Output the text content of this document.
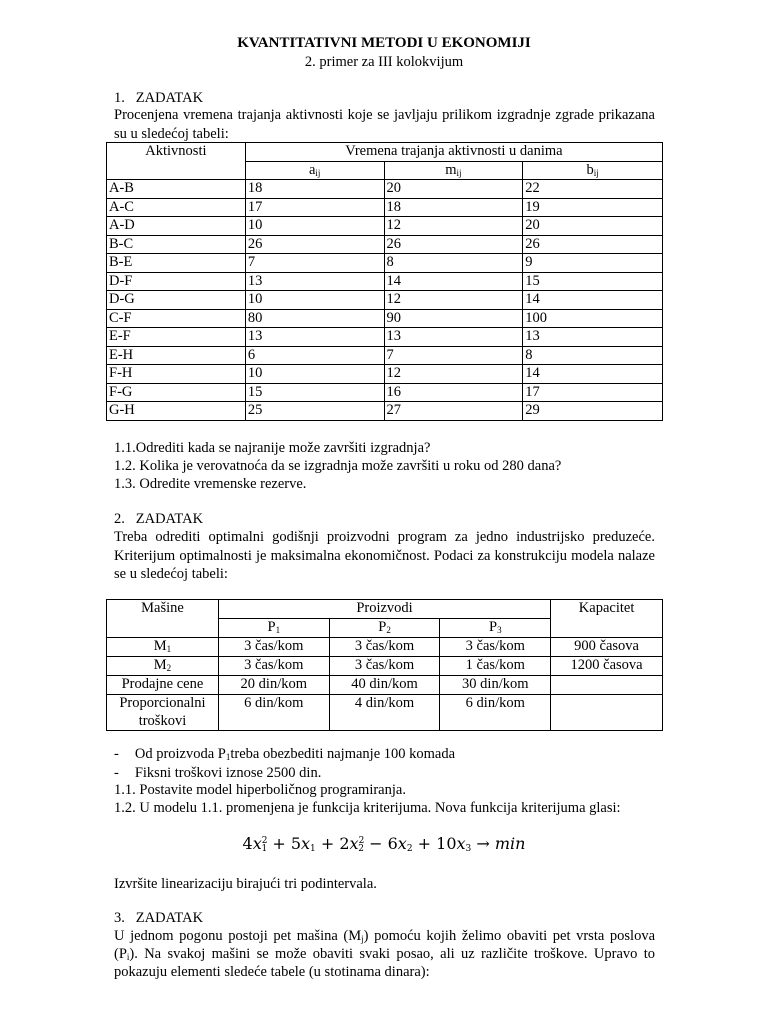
KVANTITATIVNI METODI U EKONOMIJI
2. primer za III kolokvijum
1.   ZADATAK
Procenjena vremena trajanja aktivnosti koje se javljaju prilikom izgradnje zgrade prikazana su u sledećoj tabeli:
Aktivnosti	Vremena trajanja aktivnosti u danima		
	$a_{ij}$	$m_{ij}$	$b_{ij}$
A-B	18	20	22
A-C	17	18	19
A-D	10	12	20
B-C	26	26	26
B-E	7	8	9
D-F	13	14	15
D-G	10	12	14
C-F	80	90	100
E-F	13	13	13
E-H	6	7	8
F-H	10	12	14
F-G	15	16	17
G-H	25	27	29
1.1.Odrediti kada se najranije može završiti izgradnja?
1.2. Kolika je verovatnoća da se izgradnja može završiti u roku od 280 dana?
1.3. Odredite vremenske rezerve.
2.   ZADATAK
Treba odrediti optimalni godišnji proizvodni program za jedno industrijsko preduzeće. Kriterijum optimalnosti je maksimalna ekonomičnost. Podaci za konstrukciju modela nalaze se u sledećoj tabeli:
Mašine	Proizvodi			Kapacitet
	$P_1$	$P_2$	$P_3$
$M_1$	3 čas/kom	3 čas/kom	3 čas/kom	900 časova
$M_2$	3 čas/kom	3 čas/kom	1 čas/kom	1200 časova
Prodajne cene	20 din/kom	40 din/kom	30 din/kom	
Proporcionalni
troškovi	6 din/kom	4 din/kom	6 din/kom	
- Od proizvoda $P_1treba$ obezbediti najmanje 100 komada
- Fiksni troškovi iznose 2500 din.
1.1. Postavite model hiperboličnog programiranja.
1.2. U modelu 1.1. promenjena je funkcija kriterijuma. Nova funkcija kriterijuma glasi:
$4x^2_1 + 5x_1 + 2x^2_2 - 6x_2 + 10x_3 \to \min$
Izvršite linearizaciju birajući tri podintervala.
3.   ZADATAK
U jednom pogonu postoji pet mašina $(M_j)$ pomoću kojih želimo obaviti pet vrsta poslova
$(P_i)$. Na svakoj mašini se može obaviti svaki posao, ali uz različite troškove. Upravo to
pokazuju elementi sledeće tabele (u stotinama dinara):
